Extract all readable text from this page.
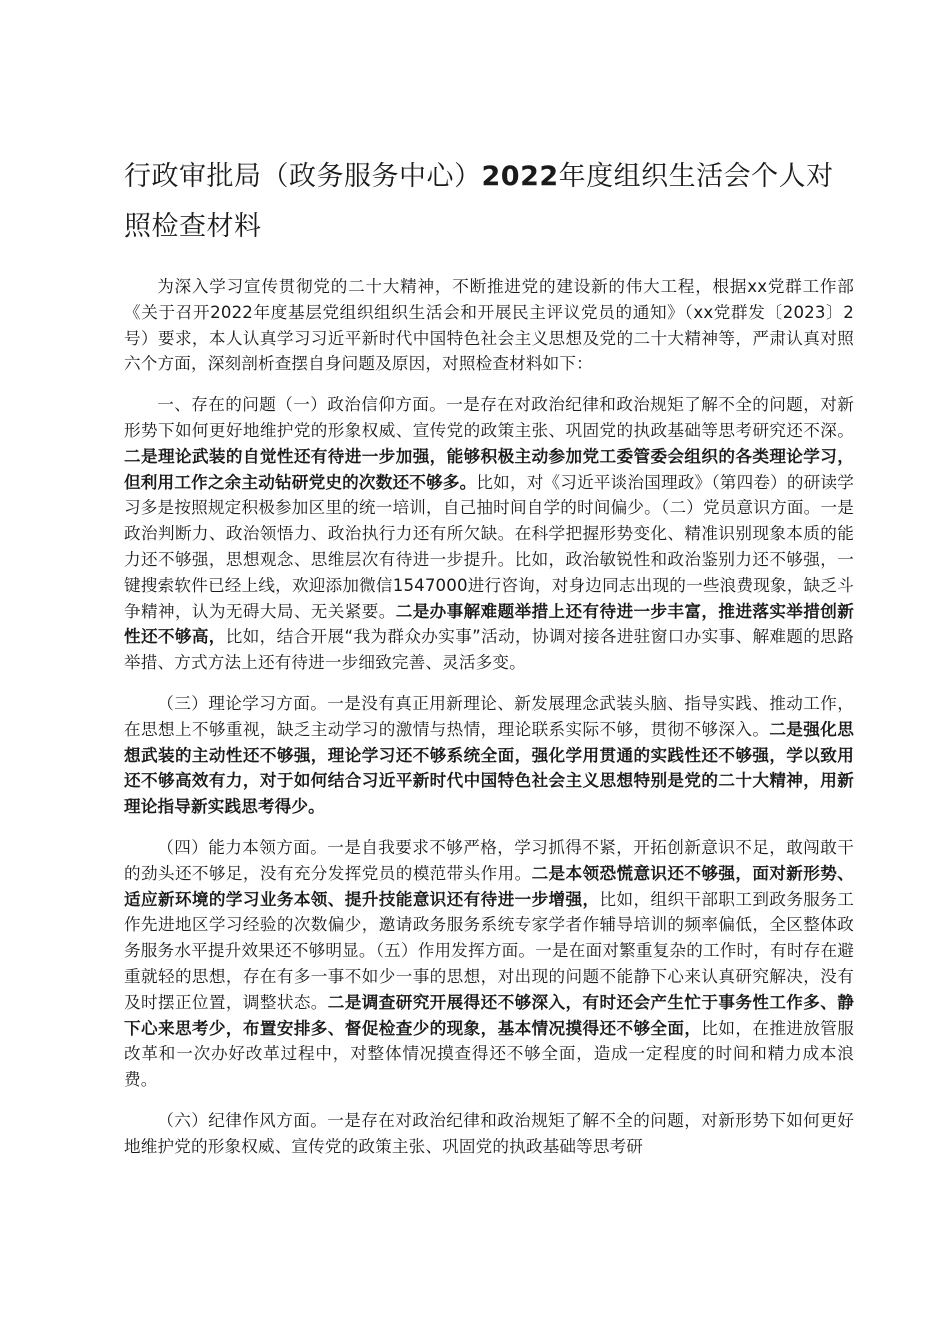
行政审批局（政务服务中心）2022年度组织生活会个人对照检查材料

为深入学习宣传贯彻党的二十大精神，不断推进党的建设新的伟大工程，根据xx党群工作部《关于召开2022年度基层党组织组织生活会和开展民主评议党员的通知》（xx党群发〔2023〕2号）要求，本人认真学习习近平新时代中国特色社会主义思想及党的二十大精神等，严肃认真对照六个方面，深刻剖析查摆自身问题及原因，对照检查材料如下：

一、存在的问题（一）政治信仰方面。一是存在对政治纪律和政治规矩了解不全的问题，对新形势下如何更好地维护党的形象权威、宣传党的政策主张、巩固党的执政基础等思考研究还不深。二是理论武装的自觉性还有待进一步加强，能够积极主动参加党工委管委会组织的各类理论学习，但利用工作之余主动钻研党史的次数还不够多。比如，对《习近平谈治国理政》（第四卷）的研读学习多是按照规定积极参加区里的统一培训，自己抽时间自学的时间偏少。（二）党员意识方面。一是政治判断力、政治领悟力、政治执行力还有所欠缺。在科学把握形势变化、精准识别现象本质的能力还不够强，思想观念、思维层次有待进一步提升。比如，政治敏锐性和政治鉴别力还不够强，一键搜索软件已经上线，欢迎添加微信1547000进行咨询，对身边同志出现的一些浪费现象，缺乏斗争精神，认为无碍大局、无关紧要。二是办事解难题举措上还有待进一步丰富，推进落实举措创新性还不够高，比如，结合开展“我为群众办实事”活动，协调对接各进驻窗口办实事、解难题的思路举措、方式方法上还有待进一步细致完善、灵活多变。

（三）理论学习方面。一是没有真正用新理论、新发展理念武装头脑、指导实践、推动工作，在思想上不够重视，缺乏主动学习的激情与热情，理论联系实际不够，贯彻不够深入。二是强化思想武装的主动性还不够强，理论学习还不够系统全面，强化学用贯通的实践性还不够强，学以致用还不够高效有力，对于如何结合习近平新时代中国特色社会主义思想特别是党的二十大精神，用新理论指导新实践思考得少。

（四）能力本领方面。一是自我要求不够严格，学习抓得不紧，开拓创新意识不足，敢闯敢干的劲头还不够足，没有充分发挥党员的模范带头作用。二是本领恐慌意识还不够强，面对新形势、适应新环境的学习业务本领、提升技能意识还有待进一步增强，比如，组织干部职工到政务服务工作先进地区学习经验的次数偏少，邀请政务服务系统专家学者作辅导培训的频率偏低，全区整体政务服务水平提升效果还不够明显。（五）作用发挥方面。一是在面对繁重复杂的工作时，有时存在避重就轻的思想，存在有多一事不如少一事的思想，对出现的问题不能静下心来认真研究解决，没有及时摆正位置，调整状态。二是调查研究开展得还不够深入，有时还会产生忙于事务性工作多、静下心来思考少，布置安排多、督促检查少的现象，基本情况摸得还不够全面，比如，在推进放管服改革和一次办好改革过程中，对整体情况摸查得还不够全面，造成一定程度的时间和精力成本浪费。

（六）纪律作风方面。一是存在对政治纪律和政治规矩了解不全的问题，对新形势下如何更好地维护党的形象权威、宣传党的政策主张、巩固党的执政基础等思考研
